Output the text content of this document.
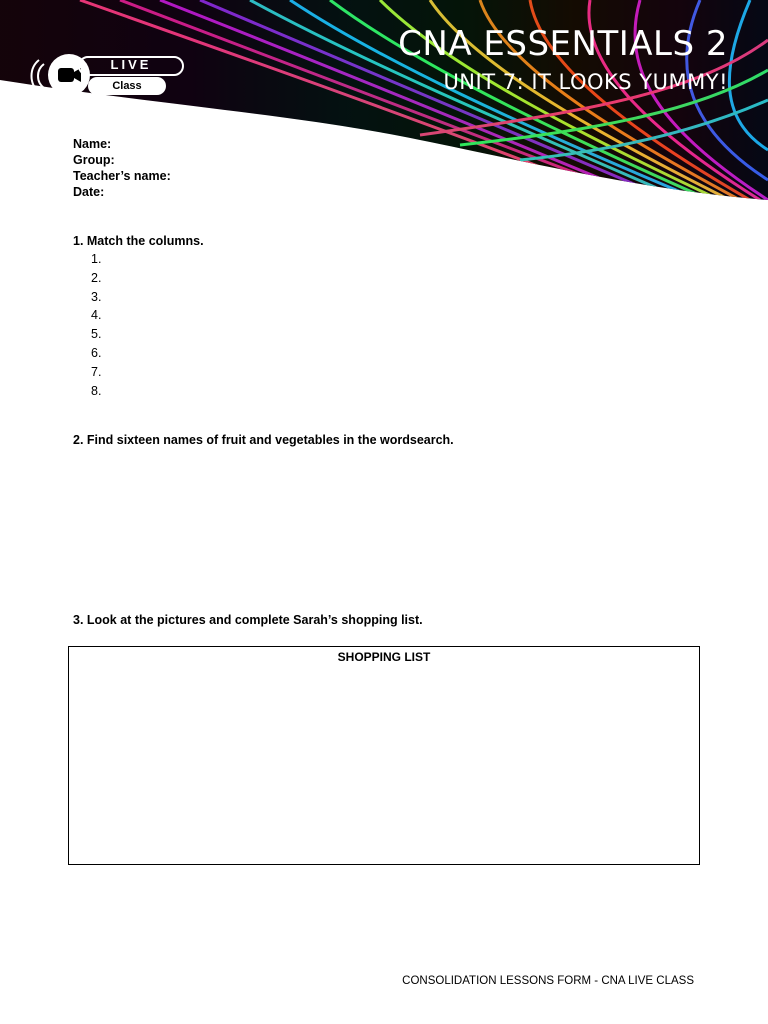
LIVE
Class
CNA ESSENTIALS 2
UNIT 7: IT LOOKS YUMMY!
Name:
Group:
Teacher’s name:
Date:
1. Match the columns.
1.
2.
3.
4.
5.
6.
7.
8.
2. Find sixteen names of fruit and vegetables in the wordsearch.
3. Look at the pictures and complete Sarah’s shopping list.
SHOPPING LIST
CONSOLIDATION LESSONS FORM - CNA LIVE CLASS
